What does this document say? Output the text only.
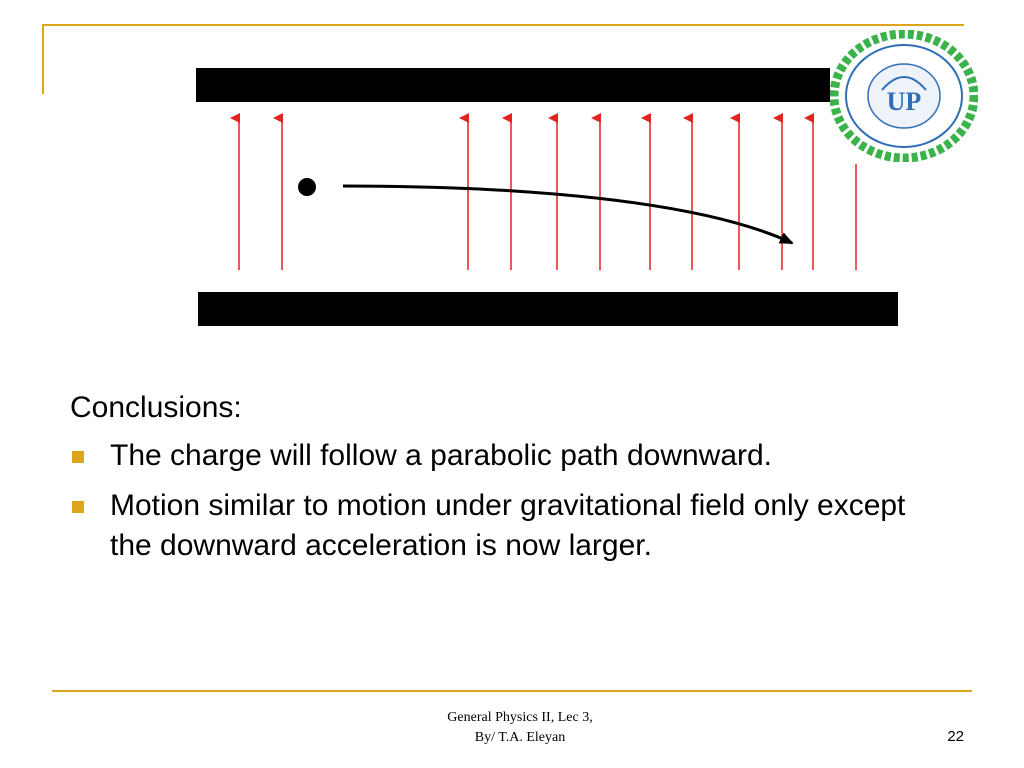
UP
Conclusions:
The charge will follow a parabolic path downward.
Motion similar to motion under gravitational field only except the downward acceleration is now larger.
General Physics II, Lec 3,
By/ T.A. Eleyan	22
